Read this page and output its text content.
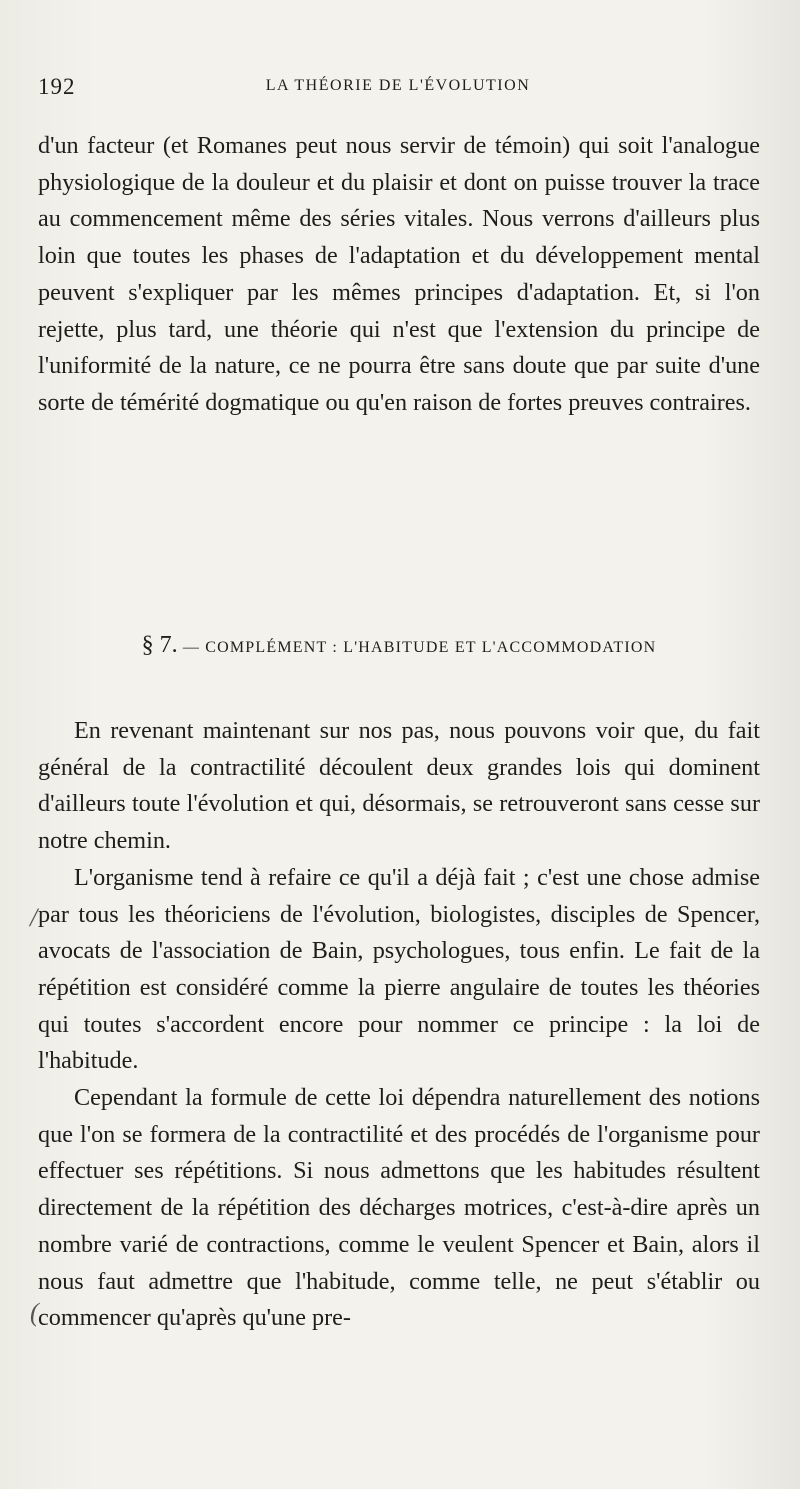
192	LA THÉORIE DE L'ÉVOLUTION

d'un facteur (et Romanes peut nous servir de témoin) qui soit l'analogue physiologique de la douleur et du plaisir et dont on puisse trouver la trace au commencement même des séries vitales. Nous verrons d'ailleurs plus loin que toutes les phases de l'adaptation et du développement mental peuvent s'expliquer par les mêmes principes d'adaptation. Et, si l'on rejette, plus tard, une théorie qui n'est que l'extension du principe de l'uniformité de la nature, ce ne pourra être sans doute que par suite d'une sorte de témérité dogmatique ou qu'en raison de fortes preuves contraires.

§ 7. — COMPLÉMENT : L'HABITUDE ET L'ACCOMMODATION

En revenant maintenant sur nos pas, nous pouvons voir que, du fait général de la contractilité découlent deux grandes lois qui dominent d'ailleurs toute l'évolution et qui, désormais, se retrouveront sans cesse sur notre chemin.

L'organisme tend à refaire ce qu'il a déjà fait ; c'est une chose admise par tous les théoriciens de l'évolution, biologistes, disciples de Spencer, avocats de l'association de Bain, psychologues, tous enfin. Le fait de la répétition est considéré comme la pierre angulaire de toutes les théories qui toutes s'accordent encore pour nommer ce principe : la loi de l'habitude.

Cependant la formule de cette loi dépendra naturellement des notions que l'on se formera de la contractilité et des procédés de l'organisme pour effectuer ses répétitions. Si nous admettons que les habitudes résultent directement de la répétition des décharges motrices, c'est-à-dire après un nombre varié de contractions, comme le veulent Spencer et Bain, alors il nous faut admettre que l'habitude, comme telle, ne peut s'établir ou commencer qu'après qu'une pre-

/
(
